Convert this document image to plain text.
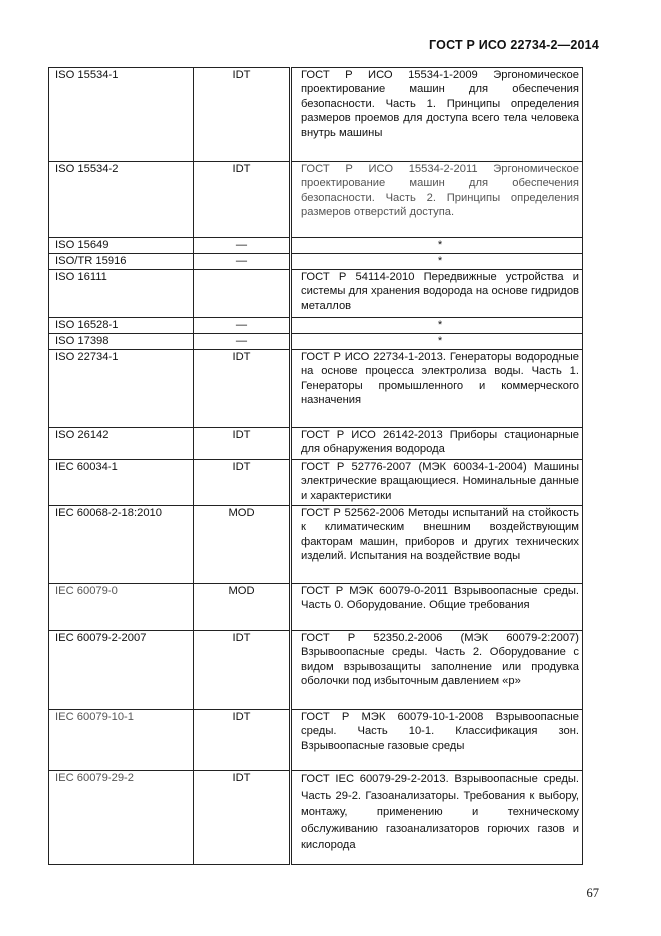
ГОСТ Р ИСО 22734-2—2014
ISO 15534-1	IDT	ГОСТ Р ИСО 15534-1-2009 Эргономическое проектирование машин для обеспечения безопасности. Часть 1. Принципы определения размеров проемов для доступа всего тела человека внутрь машины
ISO 15534-2	IDT	ГОСТ Р ИСО 15534-2-2011 Эргономическое проектирование машин для обеспечения безопасности. Часть 2. Принципы определения размеров отверстий доступа.
ISO 15649	—	*
ISO/TR 15916	—	*
ISO 16111		ГОСТ Р 54114-2010 Передвижные устройства и системы для хранения водорода на основе гидридов металлов
ISO 16528-1	—	*
ISO 17398	—	*
ISO 22734-1	IDT	ГОСТ Р ИСО 22734-1-2013. Генераторы водородные на основе процесса электролиза воды. Часть 1. Генераторы промышленного и коммерческого назначения
ISO 26142	IDT	ГОСТ Р ИСО 26142-2013 Приборы стационарные для обнаружения водорода
IEC 60034-1	IDT	ГОСТ Р 52776-2007 (МЭК 60034-1-2004) Машины электрические вращающиеся. Номинальные данные и характеристики
IEC 60068-2-18:2010	MOD	ГОСТ Р 52562-2006 Методы испытаний на стойкость к климатическим внешним воздействующим факторам машин, приборов и других технических изделий. Испытания на воздействие воды
IEC 60079-0	MOD	ГОСТ Р МЭК 60079-0-2011 Взрывоопасные среды. Часть 0. Оборудование. Общие требования
IEC 60079-2-2007	IDT	ГОСТ Р 52350.2-2006 (МЭК 60079-2:2007) Взрывоопасные среды. Часть 2. Оборудование с видом взрывозащиты заполнение или продувка оболочки под избыточным давлением «р»
IEC 60079-10-1	IDT	ГОСТ Р МЭК 60079-10-1-2008 Взрывоопасные среды. Часть 10-1. Классификация зон. Взрывоопасные газовые среды
IEC 60079-29-2	IDT	ГОСТ IEC 60079-29-2-2013. Взрывоопасные среды. Часть 29-2. Газоанализаторы. Требования к выбору, монтажу, применению и техническому обслуживанию газоанализаторов горючих газов и кислорода
67
